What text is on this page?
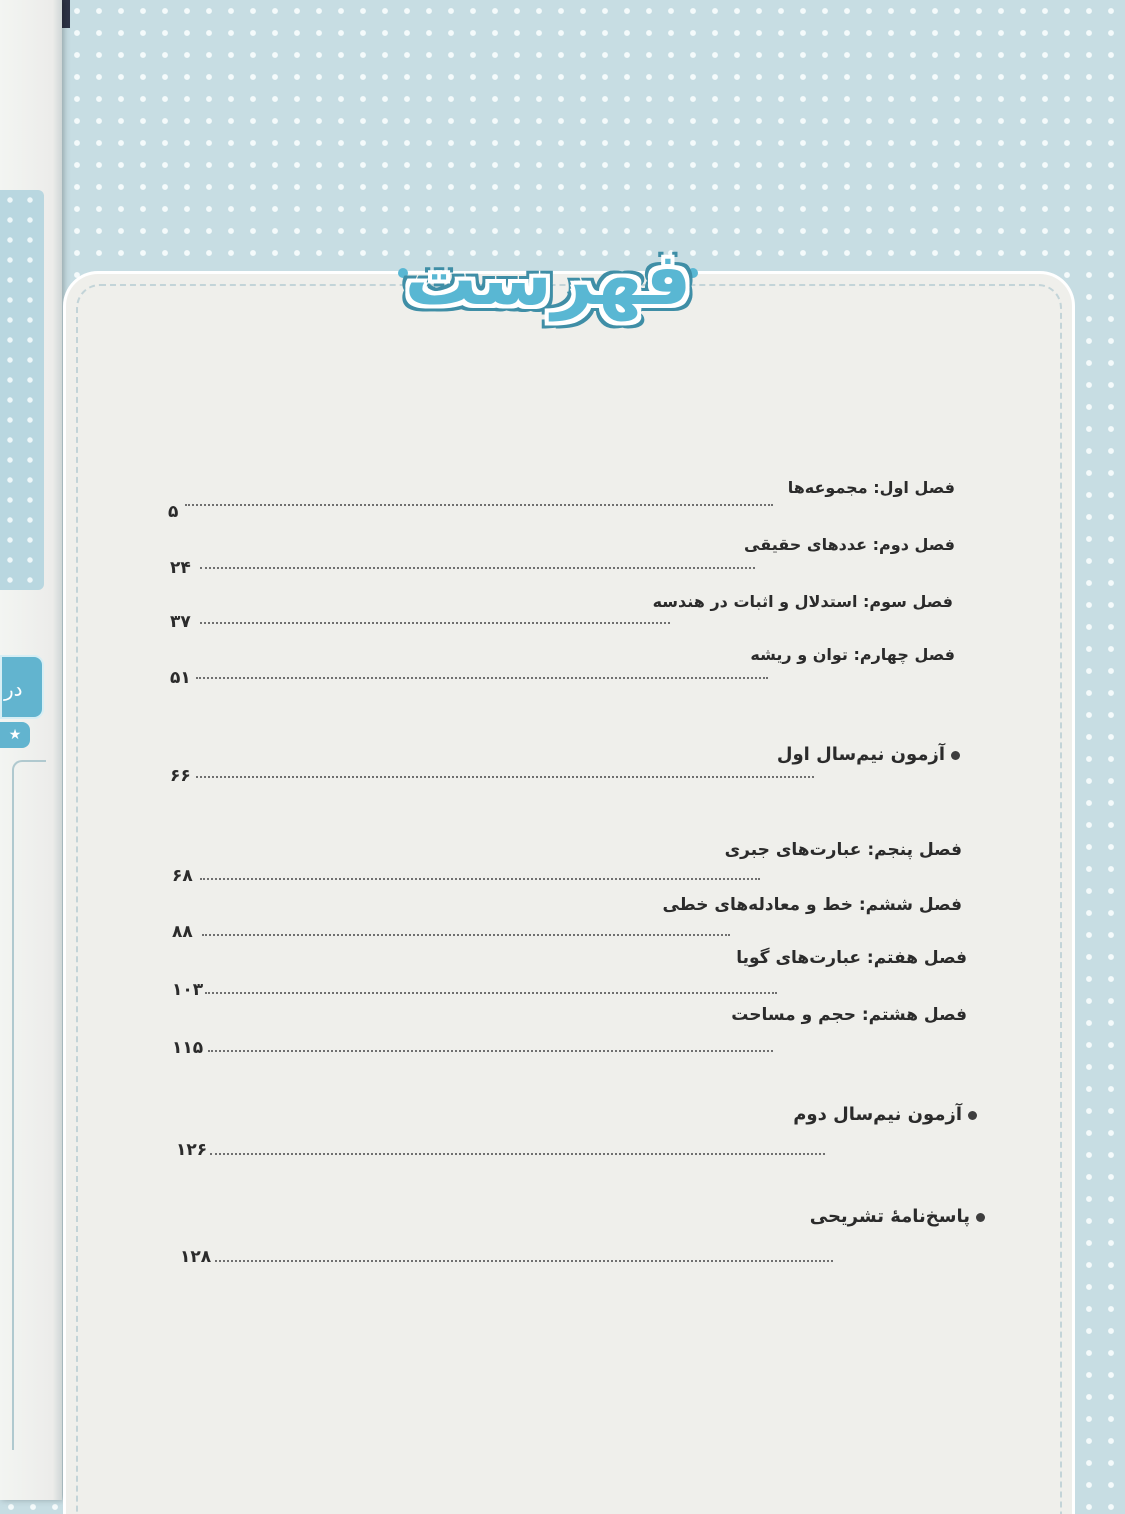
در
★
فهرست
فصل اول: مجموعه‌ها
۵
فصل دوم: عددهای حقیقی
۲۴
فصل سوم: استدلال و اثبات در هندسه
۳۷
فصل چهارم: توان و ریشه
۵۱
آزمون نیم‌سال اول
۶۶
فصل پنجم: عبارت‌های جبری
۶۸
فصل ششم: خط و معادله‌های خطی
۸۸
فصل هفتم: عبارت‌های گویا
۱۰۳
فصل هشتم: حجم و مساحت
۱۱۵
آزمون نیم‌سال دوم
۱۲۶
پاسخ‌نامهٔ تشریحی
۱۲۸
